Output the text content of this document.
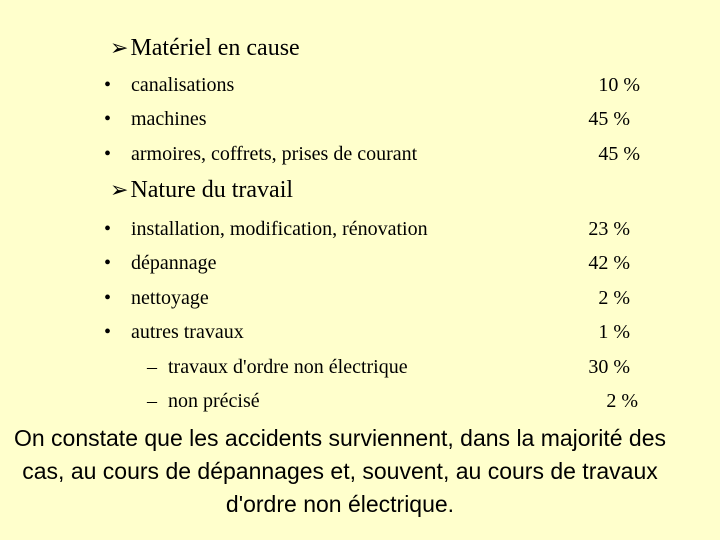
➢Matériel en cause
• canalisations	10 %
• machines	45 %
• armoires, coffrets, prises de courant	45 %
➢Nature du travail
• installation, modification, rénovation	23 %
• dépannage	42 %
• nettoyage	2 %
• autres travaux	1 %
– travaux d'ordre non électrique	30 %
– non précisé	2 %
On constate que les accidents surviennent, dans la majorité des cas, au cours de dépannages et, souvent, au cours de travaux d'ordre non électrique.
